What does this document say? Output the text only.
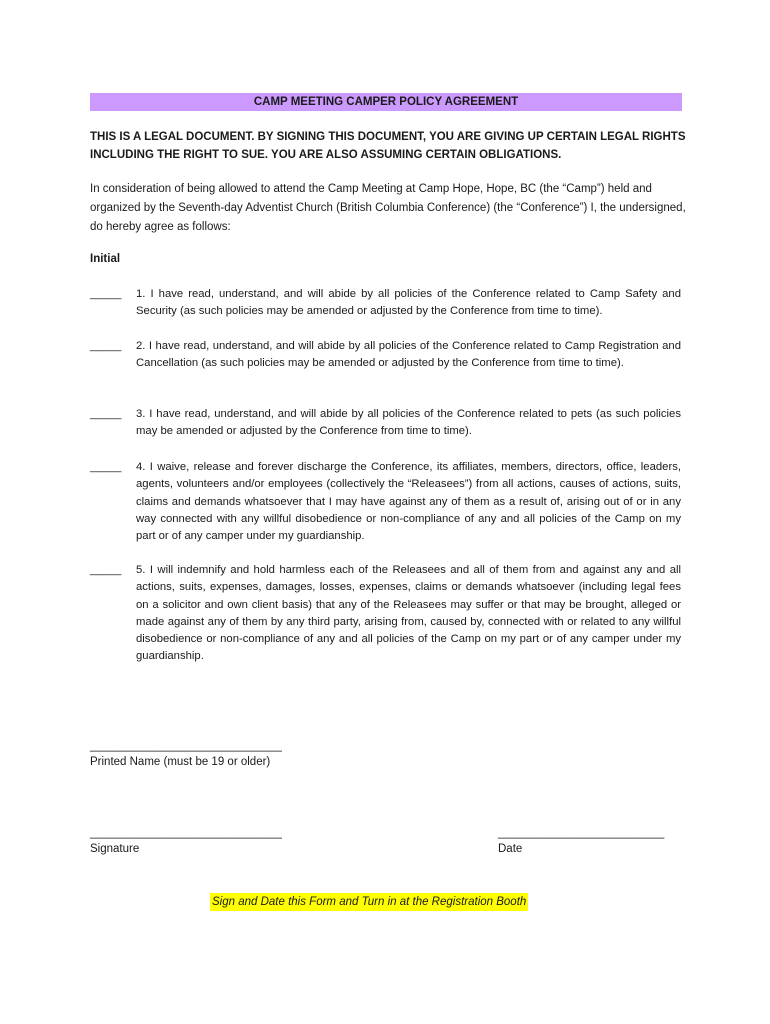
CAMP MEETING CAMPER POLICY AGREEMENT
THIS IS A LEGAL DOCUMENT. BY SIGNING THIS DOCUMENT, YOU ARE GIVING UP CERTAIN LEGAL RIGHTS INCLUDING THE RIGHT TO SUE. YOU ARE ALSO ASSUMING CERTAIN OBLIGATIONS.
In consideration of being allowed to attend the Camp Meeting at Camp Hope, Hope, BC (the “Camp”) held and organized by the Seventh-day Adventist Church (British Columbia Conference) (the “Conference”) I, the undersigned, do hereby agree as follows:
Initial
_____	1. I have read, understand, and will abide by all policies of the Conference related to Camp Safety and Security (as such policies may be amended or adjusted by the Conference from time to time).
_____	2. I have read, understand, and will abide by all policies of the Conference related to Camp Registration and Cancellation (as such policies may be amended or adjusted by the Conference from time to time).
_____	3. I have read, understand, and will abide by all policies of the Conference related to pets (as such policies may be amended or adjusted by the Conference from time to time).
_____	4. I waive, release and forever discharge the Conference, its affiliates, members, directors, office, leaders, agents, volunteers and/or employees (collectively the “Releasees”) from all actions, causes of actions, suits, claims and demands whatsoever that I may have against any of them as a result of, arising out of or in any way connected with any willful disobedience or non-compliance of any and all policies of the Camp on my part or of any camper under my guardianship.
_____	5. I will indemnify and hold harmless each of the Releasees and all of them from and against any and all actions, suits, expenses, damages, losses, expenses, claims or demands whatsoever (including legal fees on a solicitor and own client basis) that any of the Releasees may suffer or that may be brought, alleged or made against any of them by any third party, arising from, caused by, connected with or related to any willful disobedience or non-compliance of any and all policies of the Camp on my part or of any camper under my guardianship.
______________________________
Printed Name (must be 19 or older)
______________________________
Signature
__________________________
Date
Sign and Date this Form and Turn in at the Registration Booth
